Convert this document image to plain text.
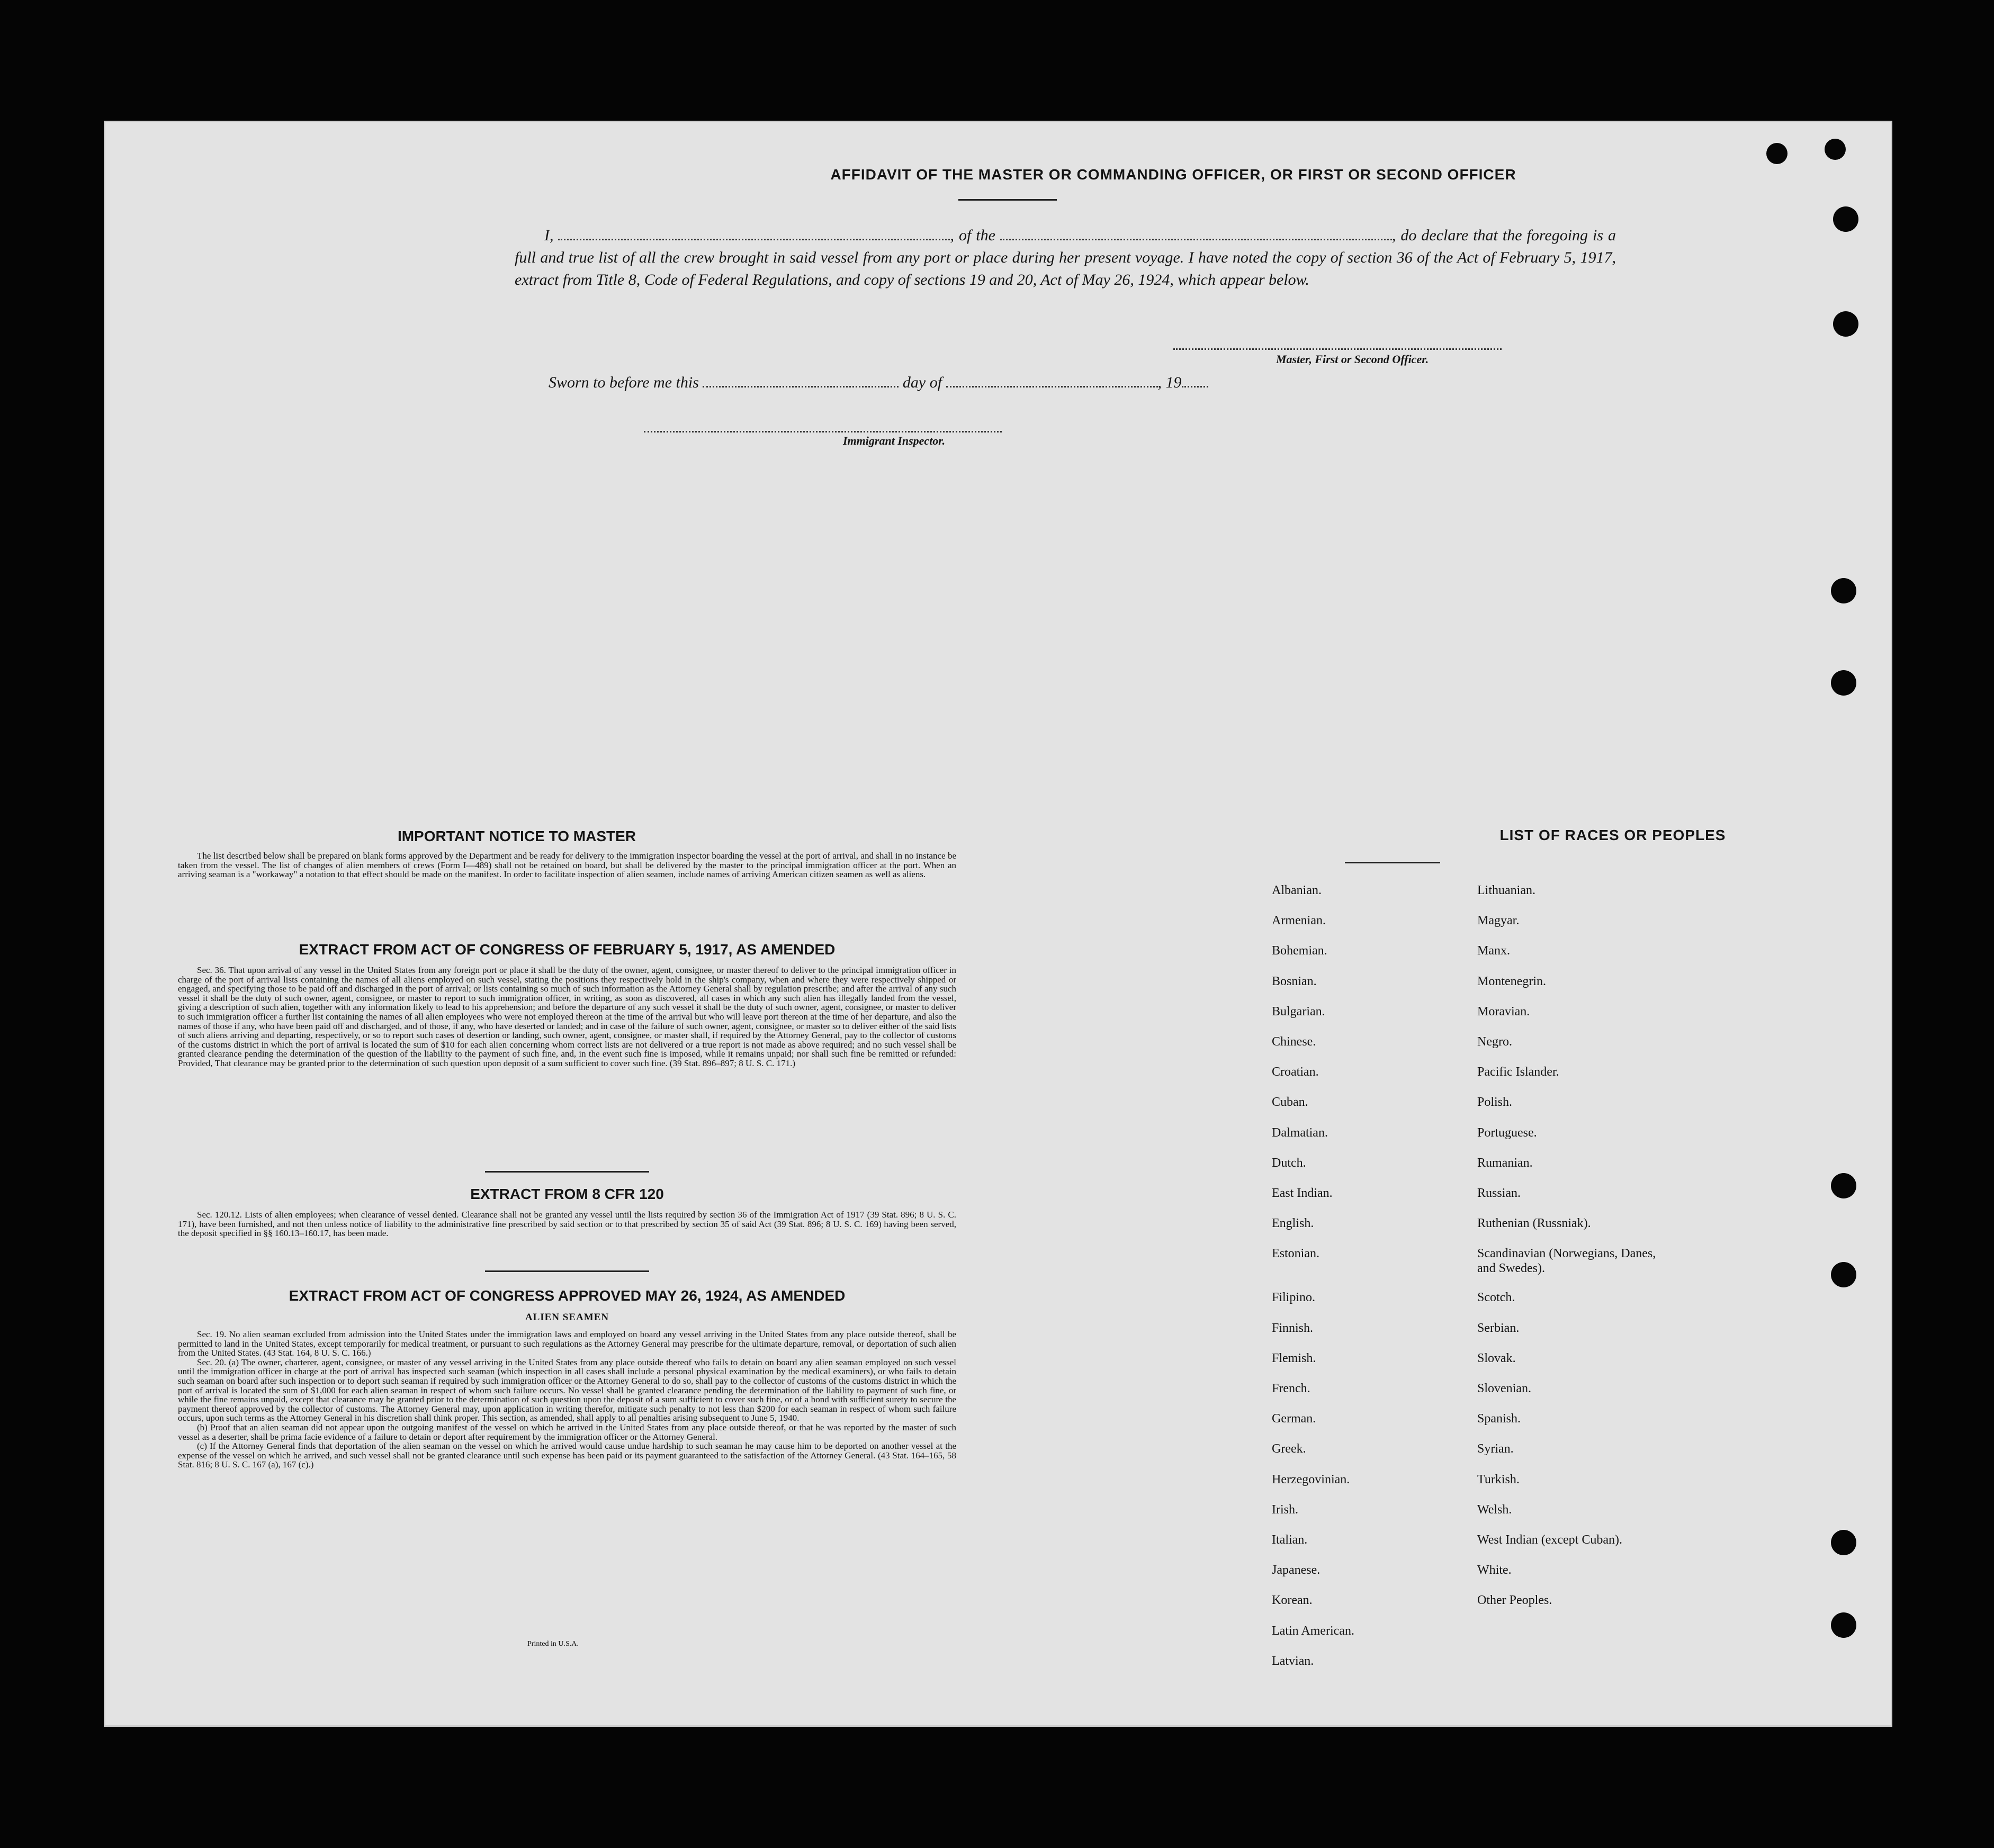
AFFIDAVIT OF THE MASTER OR COMMANDING OFFICER, OR FIRST OR SECOND OFFICER
I,	, of the	, do declare that the foregoing is a full and true list of all the crew brought in said vessel from any port or place during her present voyage. I have noted the copy of section 36 of the Act of February 5, 1917, extract from Title 8, Code of Federal Regulations, and copy of sections 19 and 20, Act of May 26, 1924, which appear below.
Master, First or Second Officer.
Sworn to before me this	day of	, 19
Immigrant Inspector.
IMPORTANT NOTICE TO MASTER

The list described below shall be prepared on blank forms approved by the Department and be ready for delivery to the immigration inspector boarding the vessel at the port of arrival, and shall in no instance be taken from the vessel. The list of changes of alien members of crews (Form I—489) shall not be retained on board, but shall be delivered by the master to the principal immigration officer at the port. When an arriving seaman is a "workaway" a notation to that effect should be made on the manifest. In order to facilitate inspection of alien seamen, include names of arriving American citizen seamen as well as aliens.

EXTRACT FROM ACT OF CONGRESS OF FEBRUARY 5, 1917, AS AMENDED

Sec. 36. That upon arrival of any vessel in the United States from any foreign port or place it shall be the duty of the owner, agent, consignee, or master thereof to deliver to the principal immigration officer in charge of the port of arrival lists containing the names of all aliens employed on such vessel, stating the positions they respectively hold in the ship's company, when and where they were respectively shipped or engaged, and specifying those to be paid off and discharged in the port of arrival; or lists containing so much of such information as the Attorney General shall by regulation prescribe; and after the arrival of any such vessel it shall be the duty of such owner, agent, consignee, or master to report to such immigration officer, in writing, as soon as discovered, all cases in which any such alien has illegally landed from the vessel, giving a description of such alien, together with any information likely to lead to his apprehension; and before the departure of any such vessel it shall be the duty of such owner, agent, consignee, or master to deliver to such immigration officer a further list containing the names of all alien employees who were not employed thereon at the time of the arrival but who will leave port thereon at the time of her departure, and also the names of those if any, who have been paid off and discharged, and of those, if any, who have deserted or landed; and in case of the failure of such owner, agent, consignee, or master so to deliver either of the said lists of such aliens arriving and departing, respectively, or so to report such cases of desertion or landing, such owner, agent, consignee, or master shall, if required by the Attorney General, pay to the collector of customs of the customs district in which the port of arrival is located the sum of $10 for each alien concerning whom correct lists are not delivered or a true report is not made as above required; and no such vessel shall be granted clearance pending the determination of the question of the liability to the payment of such fine, and, in the event such fine is imposed, while it remains unpaid; nor shall such fine be remitted or refunded: Provided, That clearance may be granted prior to the determination of such question upon deposit of a sum sufficient to cover such fine. (39 Stat. 896–897; 8 U. S. C. 171.)

EXTRACT FROM 8 CFR 120

Sec. 120.12. Lists of alien employees; when clearance of vessel denied. Clearance shall not be granted any vessel until the lists required by section 36 of the Immigration Act of 1917 (39 Stat. 896; 8 U. S. C. 171), have been furnished, and not then unless notice of liability to the administrative fine prescribed by said section or to that prescribed by section 35 of said Act (39 Stat. 896; 8 U. S. C. 169) having been served, the deposit specified in §§ 160.13–160.17, has been made.

EXTRACT FROM ACT OF CONGRESS APPROVED MAY 26, 1924, AS AMENDED
ALIEN SEAMEN

Sec. 19. No alien seaman excluded from admission into the United States under the immigration laws and employed on board any vessel arriving in the United States from any place outside thereof, shall be permitted to land in the United States, except temporarily for medical treatment, or pursuant to such regulations as the Attorney General may prescribe for the ultimate departure, removal, or deportation of such alien from the United States. (43 Stat. 164, 8 U. S. C. 166.)

Sec. 20. (a) The owner, charterer, agent, consignee, or master of any vessel arriving in the United States from any place outside thereof who fails to detain on board any alien seaman employed on such vessel until the immigration officer in charge at the port of arrival has inspected such seaman (which inspection in all cases shall include a personal physical examination by the medical examiners), or who fails to detain such seaman on board after such inspection or to deport such seaman if required by such immigration officer or the Attorney General to do so, shall pay to the collector of customs of the customs district in which the port of arrival is located the sum of $1,000 for each alien seaman in respect of whom such failure occurs. No vessel shall be granted clearance pending the determination of the liability to payment of such fine, or while the fine remains unpaid, except that clearance may be granted prior to the determination of such question upon the deposit of a sum sufficient to cover such fine, or of a bond with sufficient surety to secure the payment thereof approved by the collector of customs. The Attorney General may, upon application in writing therefor, mitigate such penalty to not less than $200 for each seaman in respect of whom such failure occurs, upon such terms as the Attorney General in his discretion shall think proper. This section, as amended, shall apply to all penalties arising subsequent to June 5, 1940.

(b) Proof that an alien seaman did not appear upon the outgoing manifest of the vessel on which he arrived in the United States from any place outside thereof, or that he was reported by the master of such vessel as a deserter, shall be prima facie evidence of a failure to detain or deport after requirement by the immigration officer or the Attorney General.

(c) If the Attorney General finds that deportation of the alien seaman on the vessel on which he arrived would cause undue hardship to such seaman he may cause him to be deported on another vessel at the expense of the vessel on which he arrived, and such vessel shall not be granted clearance until such expense has been paid or its payment guaranteed to the satisfaction of the Attorney General. (43 Stat. 164–165, 58 Stat. 816; 8 U. S. C. 167 (a), 167 (c).)

Printed in U.S.A.
LIST OF RACES OR PEOPLES
Albanian.
Armenian.
Bohemian.
Bosnian.
Bulgarian.
Chinese.
Croatian.
Cuban.
Dalmatian.
Dutch.
East Indian.
English.
Estonian.
Filipino.
Finnish.
Flemish.
French.
German.
Greek.
Herzegovinian.
Irish.
Italian.
Japanese.
Korean.
Latin American.
Latvian.
Lithuanian.
Magyar.
Manx.
Montenegrin.
Moravian.
Negro.
Pacific Islander.
Polish.
Portuguese.
Rumanian.
Russian.
Ruthenian (Russniak).
Scandinavian (Norwegians, Danes, and Swedes).
Scotch.
Serbian.
Slovak.
Slovenian.
Spanish.
Syrian.
Turkish.
Welsh.
West Indian (except Cuban).
White.
Other Peoples.
